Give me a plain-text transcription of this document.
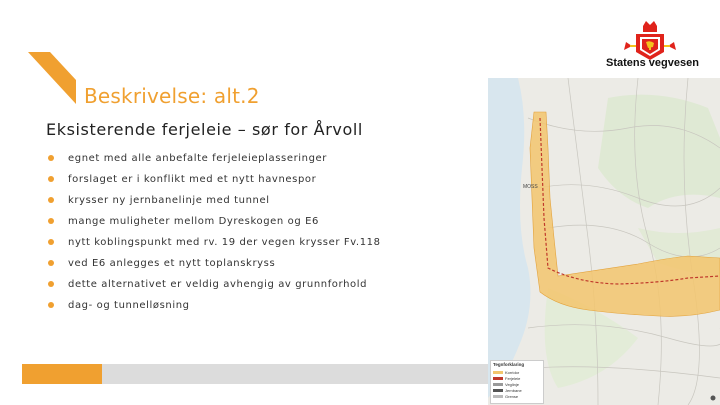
Beskrivelse: alt.2
Eksisterende ferjeleie – sør for Årvoll
egnet med alle anbefalte ferjeleieplasseringer
forslaget er i konflikt med et nytt havnespor
krysser ny jernbanelinje med tunnel
mange muligheter mellom Dyreskogen og E6
nytt koblingspunkt med rv. 19 der vegen krysser Fv.118
ved E6 anlegges et nytt toplanskryss
dette alternativet er veldig avhengig av grunnforhold
dag- og tunnelløsning
Statens vegvesen
MOSS
Tegnforklaring
Korridor
Ferjeleie
Veglinje
Jernbane
Grense
